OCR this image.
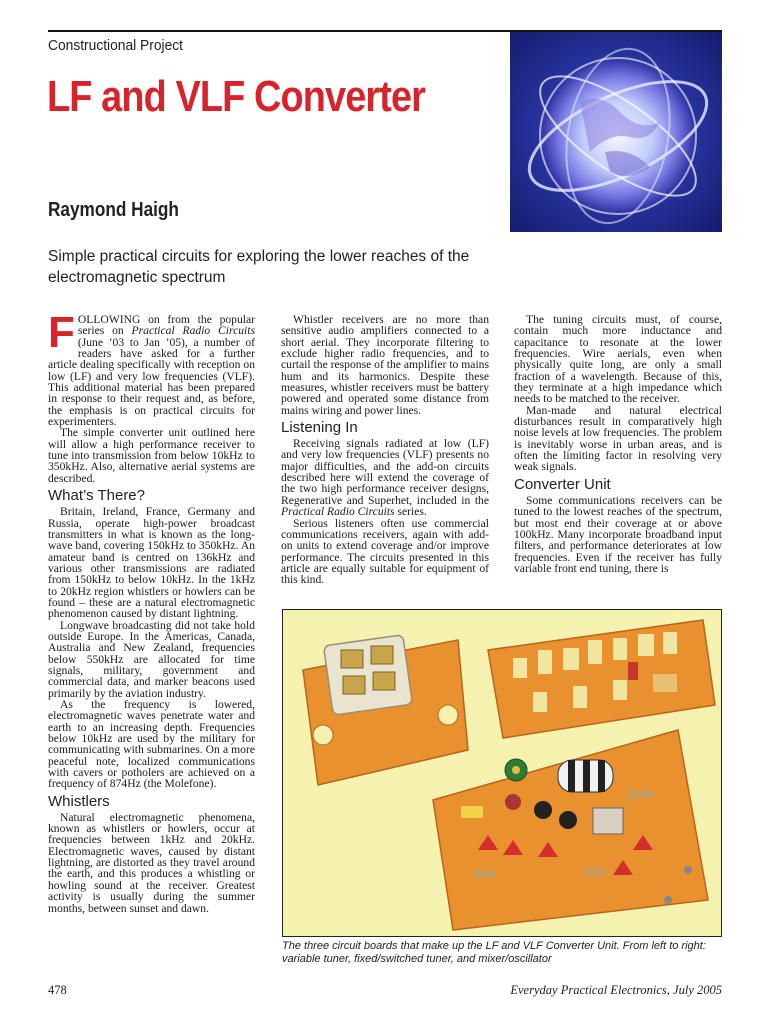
Constructional Project
LF and VLF Converter
Raymond Haigh
Simple practical circuits for exploring the lower reaches of the electromagnetic spectrum

FOLLOWING on from the popular series on Practical Radio Circuits (June ’03 to Jan ’05), a number of readers have asked for a further article dealing specifically with reception on low (LF) and very low frequencies (VLF). This additional material has been prepared in response to their request and, as before, the emphasis is on practical circuits for experimenters.

The simple converter unit outlined here will allow a high performance receiver to tune into transmission from below 10kHz to 350kHz. Also, alternative aerial systems are described.

What’s There?

Britain, Ireland, France, Germany and Russia, operate high-power broadcast transmitters in what is known as the long-wave band, covering 150kHz to 350kHz. An amateur band is centred on 136kHz and various other transmissions are radiated from 150kHz to below 10kHz. In the 1kHz to 20kHz region whistlers or howlers can be found – these are a natural electromagnetic phenomenon caused by distant lightning.

Longwave broadcasting did not take hold outside Europe. In the Americas, Canada, Australia and New Zealand, frequencies below 550kHz are allocated for time signals, military, government and commercial data, and marker beacons used primarily by the aviation industry.

As the frequency is lowered, electromagnetic waves penetrate water and earth to an increasing depth. Frequencies below 10kHz are used by the military for communicating with submarines. On a more peaceful note, localized communications with cavers or potholers are achieved on a frequency of 874Hz (the Molefone).

Whistlers

Natural electromagnetic phenomena, known as whistlers or howlers, occur at frequencies between 1kHz and 20kHz. Electromagnetic waves, caused by distant lightning, are distorted as they travel around the earth, and this produces a whistling or howling sound at the receiver. Greatest activity is usually during the summer months, between sunset and dawn.

Whistler receivers are no more than sensitive audio amplifiers connected to a short aerial. They incorporate filtering to exclude higher radio frequencies, and to curtail the response of the amplifier to mains hum and its harmonics. Despite these measures, whistler receivers must be battery powered and operated some distance from mains wiring and power lines.

Listening In

Receiving signals radiated at low (LF) and very low frequencies (VLF) presents no major difficulties, and the add-on circuits described here will extend the coverage of the two high performance receiver designs, Regenerative and Superhet, included in the Practical Radio Circuits series.

Serious listeners often use commercial communications receivers, again with add-on units to extend coverage and/or improve performance. The circuits presented in this article are equally suitable for equipment of this kind.

The tuning circuits must, of course, contain much more inductance and capacitance to resonate at the lower frequencies. Wire aerials, even when physically quite long, are only a small fraction of a wavelength. Because of this, they terminate at a high impedance which needs to be matched to the receiver.

Man-made and natural electrical disturbances result in comparatively high noise levels at low frequencies. The problem is inevitably worse in urban areas, and is often the limiting factor in resolving very weak signals.

Converter Unit

Some communications receivers can be tuned to the lowest reaches of the spectrum, but most end their coverage at or above 100kHz. Many incorporate broadband input filters, and performance deteriorates at low frequencies. Even if the receiver has fully variable front end tuning, there is

The three circuit boards that make up the LF and VLF Converter Unit. From left to right: variable tuner, fixed/switched tuner, and mixer/oscillator
478	Everyday Practical Electronics, July 2005
